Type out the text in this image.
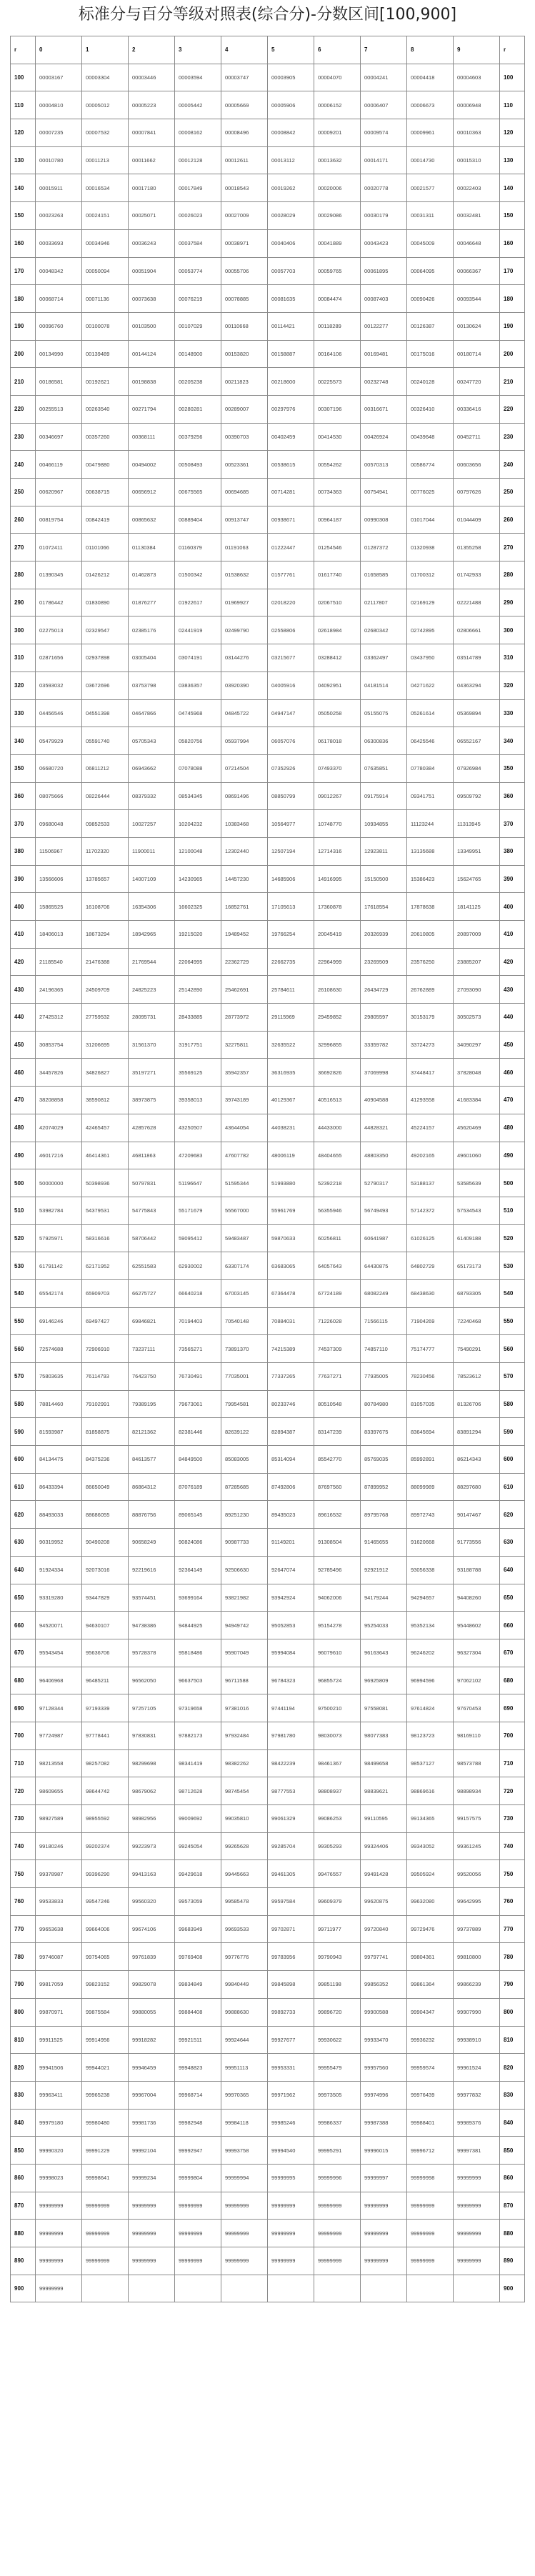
标准分与百分等级对照表(综合分)-分数区间[100,900]
r	0	1	2	3	4	5	6	7	8	9	r
100	00003167	00003304	00003446	00003594	00003747	00003905	00004070	00004241	00004418	00004603	100
110	00004810	00005012	00005223	00005442	00005669	00005906	00006152	00006407	00006673	00006948	110
120	00007235	00007532	00007841	00008162	00008496	00008842	00009201	00009574	00009961	00010363	120
130	00010780	00011213	00011662	00012128	00012611	00013112	00013632	00014171	00014730	00015310	130
140	00015911	00016534	00017180	00017849	00018543	00019262	00020006	00020778	00021577	00022403	140
150	00023263	00024151	00025071	00026023	00027009	00028029	00029086	00030179	00031311	00032481	150
160	00033693	00034946	00036243	00037584	00038971	00040406	00041889	00043423	00045009	00046648	160
170	00048342	00050094	00051904	00053774	00055706	00057703	00059765	00061895	00064095	00066367	170
180	00068714	00071136	00073638	00076219	00078885	00081635	00084474	00087403	00090426	00093544	180
190	00096760	00100078	00103500	00107029	00110668	00114421	00118289	00122277	00126387	00130624	190
200	00134990	00139489	00144124	00148900	00153820	00158887	00164106	00169481	00175016	00180714	200
210	00186581	00192621	00198838	00205238	00211823	00218600	00225573	00232748	00240128	00247720	210
220	00255513	00263540	00271794	00280281	00289007	00297976	00307196	00316671	00326410	00336416	220
230	00346697	00357260	00368111	00379256	00390703	00402459	00414530	00426924	00439648	00452711	230
240	00466119	00479880	00494002	00508493	00523361	00538615	00554262	00570313	00586774	00603656	240
250	00620967	00638715	00656912	00675565	00694685	00714281	00734363	00754941	00776025	00797626	250
260	00819754	00842419	00865632	00889404	00913747	00938671	00964187	00990308	01017044	01044409	260
270	01072411	01101066	01130384	01160379	01191063	01222447	01254546	01287372	01320938	01355258	270
280	01390345	01426212	01462873	01500342	01538632	01577761	01617740	01658585	01700312	01742933	280
290	01786442	01830890	01876277	01922617	01969927	02018220	02067510	02117807	02169129	02221488	290
300	02275013	02329547	02385176	02441919	02499790	02558806	02618984	02680342	02742895	02806661	300
310	02871656	02937898	03005404	03074191	03144276	03215677	03288412	03362497	03437950	03514789	310
320	03593032	03672696	03753798	03836357	03920390	04005916	04092951	04181514	04271622	04363294	320
330	04456546	04551398	04647866	04745968	04845722	04947147	05050258	05155075	05261614	05369894	330
340	05479929	05591740	05705343	05820756	05937994	06057076	06178018	06300836	06425546	06552167	340
350	06680720	06811212	06943662	07078088	07214504	07352926	07493370	07635851	07780384	07926984	350
360	08075666	08226444	08379332	08534345	08691496	08850799	09012267	09175914	09341751	09509792	360
370	09680048	09852533	10027257	10204232	10383468	10564977	10748770	10934855	11123244	11313945	370
380	11506967	11702320	11900011	12100048	12302440	12507194	12714316	12923811	13135688	13349951	380
390	13566606	13785657	14007109	14230965	14457230	14685906	14916995	15150500	15386423	15624765	390
400	15865525	16108706	16354306	16602325	16852761	17105613	17360878	17618554	17878638	18141125	400
410	18406013	18673294	18942965	19215020	19489452	19766254	20045419	20326939	20610805	20897009	410
420	21185540	21476388	21769544	22064995	22362729	22662735	22964999	23269509	23576250	23885207	420
430	24196365	24509709	24825223	25142890	25462691	25784611	26108630	26434729	26762889	27093090	430
440	27425312	27759532	28095731	28433885	28773972	29115969	29459852	29805597	30153179	30502573	440
450	30853754	31206695	31561370	31917751	32275811	32635522	32996855	33359782	33724273	34090297	450
460	34457826	34826827	35197271	35569125	35942357	36316935	36692826	37069998	37448417	37828048	460
470	38208858	38590812	38973875	39358013	39743189	40129367	40516513	40904588	41293558	41683384	470
480	42074029	42465457	42857628	43250507	43644054	44038231	44433000	44828321	45224157	45620469	480
490	46017216	46414361	46811863	47209683	47607782	48006119	48404655	48803350	49202165	49601060	490
500	50000000	50398936	50797831	51196647	51595344	51993880	52392218	52790317	53188137	53585639	500
510	53982784	54379531	54775843	55171679	55567000	55961769	56355946	56749493	57142372	57534543	510
520	57925971	58316616	58706442	59095412	59483487	59870633	60256811	60641987	61026125	61409188	520
530	61791142	62171952	62551583	62930002	63307174	63683065	64057643	64430875	64802729	65173173	530
540	65542174	65909703	66275727	66640218	67003145	67364478	67724189	68082249	68438630	68793305	540
550	69146246	69497427	69846821	70194403	70540148	70884031	71226028	71566115	71904269	72240468	550
560	72574688	72906910	73237111	73565271	73891370	74215389	74537309	74857110	75174777	75490291	560
570	75803635	76114793	76423750	76730491	77035001	77337265	77637271	77935005	78230456	78523612	570
580	78814460	79102991	79389195	79673061	79954581	80233746	80510548	80784980	81057035	81326706	580
590	81593987	81858875	82121362	82381446	82639122	82894387	83147239	83397675	83645694	83891294	590
600	84134475	84375236	84613577	84849500	85083005	85314094	85542770	85769035	85992891	86214343	600
610	86433394	86650049	86864312	87076189	87285685	87492806	87697560	87899952	88099989	88297680	610
620	88493033	88686055	88876756	89065145	89251230	89435023	89616532	89795768	89972743	90147467	620
630	90319952	90490208	90658249	90824086	90987733	91149201	91308504	91465655	91620668	91773556	630
640	91924334	92073016	92219616	92364149	92506630	92647074	92785496	92921912	93056338	93188788	640
650	93319280	93447829	93574451	93699164	93821982	93942924	94062006	94179244	94294657	94408260	650
660	94520071	94630107	94738386	94844925	94949742	95052853	95154278	95254033	95352134	95448602	660
670	95543454	95636706	95728378	95818486	95907049	95994084	96079610	96163643	96246202	96327304	670
680	96406968	96485211	96562050	96637503	96711588	96784323	96855724	96925809	96994596	97062102	680
690	97128344	97193339	97257105	97319658	97381016	97441194	97500210	97558081	97614824	97670453	690
700	97724987	97778441	97830831	97882173	97932484	97981780	98030073	98077383	98123723	98169110	700
710	98213558	98257082	98299698	98341419	98382262	98422239	98461367	98499658	98537127	98573788	710
720	98609655	98644742	98679062	98712628	98745454	98777553	98808937	98839621	98869616	98898934	720
730	98927589	98955592	98982956	99009692	99035810	99061329	99086253	99110595	99134365	99157575	730
740	99180246	99202374	99223973	99245054	99265628	99285704	99305293	99324406	99343052	99361245	740
750	99378987	99396290	99413163	99429618	99445663	99461305	99476557	99491428	99505924	99520056	750
760	99533833	99547246	99560320	99573059	99585478	99597584	99609379	99620875	99632080	99642995	760
770	99653638	99664006	99674106	99683949	99693533	99702871	99711977	99720840	99729476	99737889	770
780	99746087	99754065	99761839	99769408	99776776	99783956	99790943	99797741	99804361	99810800	780
790	99817059	99823152	99829078	99834849	99840449	99845898	99851198	99856352	99861364	99866239	790
800	99870971	99875584	99880055	99884408	99888630	99892733	99896720	99900588	99904347	99907990	800
810	99911525	99914956	99918282	99921511	99924644	99927677	99930622	99933470	99936232	99938910	810
820	99941506	99944021	99946459	99948823	99951113	99953331	99955479	99957560	99959574	99961524	820
830	99963411	99965238	99967004	99968714	99970365	99971962	99973505	99974996	99976439	99977832	830
840	99979180	99980480	99981736	99982948	99984118	99985246	99986337	99987388	99988401	99989376	840
850	99990320	99991229	99992104	99992947	99993758	99994540	99995291	99996015	99996712	99997381	850
860	99998023	99998641	99999234	99999804	99999994	99999995	99999996	99999997	99999998	99999999	860
870	99999999	99999999	99999999	99999999	99999999	99999999	99999999	99999999	99999999	99999999	870
880	99999999	99999999	99999999	99999999	99999999	99999999	99999999	99999999	99999999	99999999	880
890	99999999	99999999	99999999	99999999	99999999	99999999	99999999	99999999	99999999	99999999	890
900	99999999										900
